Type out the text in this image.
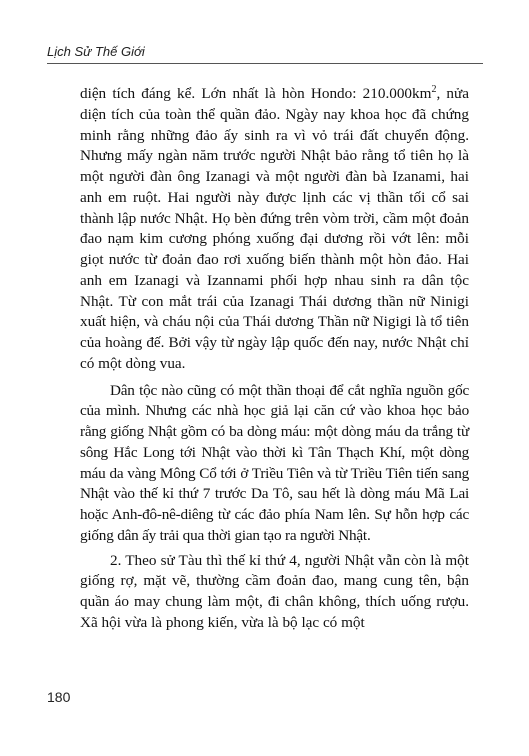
Lịch Sử Thế Giới

diện tích đáng kể. Lớn nhất là hòn Hondo: $210.000km^2$, nửa diện tích của toàn thể quần đảo. Ngày nay khoa học đã chứng minh rằng những đảo ấy sinh ra vì vỏ trái đất chuyển động. Nhưng mấy ngàn năm trước người Nhật bảo rằng tổ tiên họ là một người đàn ông Izanagi và một người đàn bà Izanami, hai anh em ruột. Hai người này được lịnh các vị thần tối cổ sai thành lập nước Nhật. Họ bèn đứng trên vòm trời, cầm một đoản đao nạm kim cương phóng xuống đại dương rồi vớt lên: mỗi giọt nước từ đoản đao rơi xuống biến thành một hòn đảo. Hai anh em Izanagi và Izannami phối hợp nhau sinh ra dân tộc Nhật. Từ con mắt trái của Izanagi Thái dương thần nữ Ninigi xuất hiện, và cháu nội của Thái dương Thần nữ Nigigi là tổ tiên của hoàng đế. Bởi vậy từ ngày lập quốc đến nay, nước Nhật chỉ có một dòng vua.

Dân tộc nào cũng có một thần thoại để cắt nghĩa nguồn gốc của mình. Nhưng các nhà học giả lại căn cứ vào khoa học bảo rằng giống Nhật gồm có ba dòng máu: một dòng máu da trắng từ sông Hắc Long tới Nhật vào thời kì Tân Thạch Khí, một dòng máu da vàng Mông Cổ tới ở Triều Tiên và từ Triều Tiên tiến sang Nhật vào thế kỉ thứ 7 trước Da Tô, sau hết là dòng máu Mã Lai hoặc Anh-đô-nê-diêng từ các đảo phía Nam lên. Sự hỗn hợp các giống dân ấy trải qua thời gian tạo ra người Nhật.

2. Theo sử Tàu thì thế kỉ thứ 4, người Nhật vẫn còn là một giống rợ, mặt vẽ, thường cầm đoản đao, mang cung tên, bận quần áo may chung làm một, đi chân không, thích uống rượu. Xã hội vừa là phong kiến, vừa là bộ lạc có một

180
